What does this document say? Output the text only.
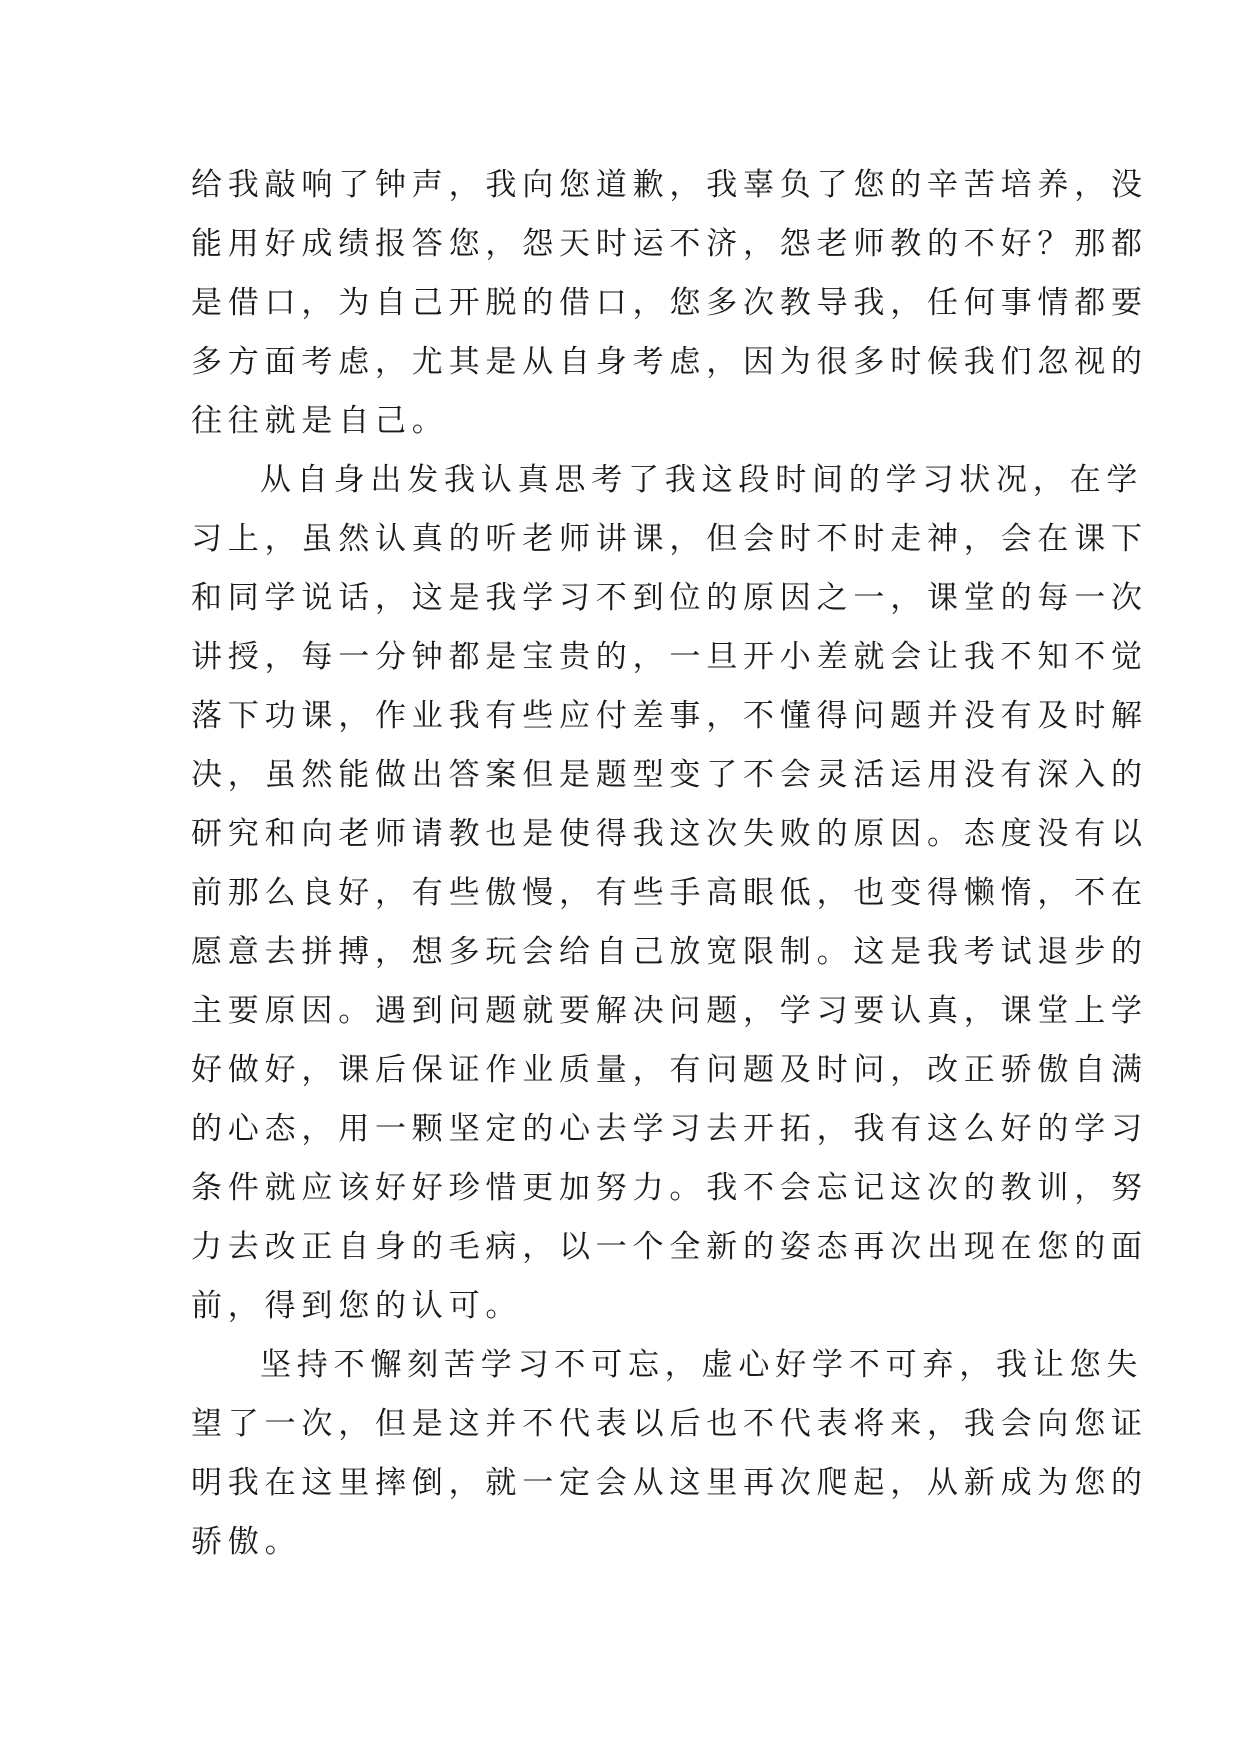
给我敲响了钟声，我向您道歉，我辜负了您的辛苦培养，没
能用好成绩报答您，怨天时运不济，怨老师教的不好？那都
是借口，为自己开脱的借口，您多次教导我，任何事情都要
多方面考虑，尤其是从自身考虑，因为很多时候我们忽视的
往往就是自己。
从自身出发我认真思考了我这段时间的学习状况，在学
习上，虽然认真的听老师讲课，但会时不时走神，会在课下
和同学说话，这是我学习不到位的原因之一，课堂的每一次
讲授，每一分钟都是宝贵的，一旦开小差就会让我不知不觉
落下功课，作业我有些应付差事，不懂得问题并没有及时解
决，虽然能做出答案但是题型变了不会灵活运用没有深入的
研究和向老师请教也是使得我这次失败的原因。态度没有以
前那么良好，有些傲慢，有些手高眼低，也变得懒惰，不在
愿意去拼搏，想多玩会给自己放宽限制。这是我考试退步的
主要原因。遇到问题就要解决问题，学习要认真，课堂上学
好做好，课后保证作业质量，有问题及时问，改正骄傲自满
的心态，用一颗坚定的心去学习去开拓，我有这么好的学习
条件就应该好好珍惜更加努力。我不会忘记这次的教训，努
力去改正自身的毛病，以一个全新的姿态再次出现在您的面
前，得到您的认可。
坚持不懈刻苦学习不可忘，虚心好学不可弃，我让您失
望了一次，但是这并不代表以后也不代表将来，我会向您证
明我在这里摔倒，就一定会从这里再次爬起，从新成为您的
骄傲。
